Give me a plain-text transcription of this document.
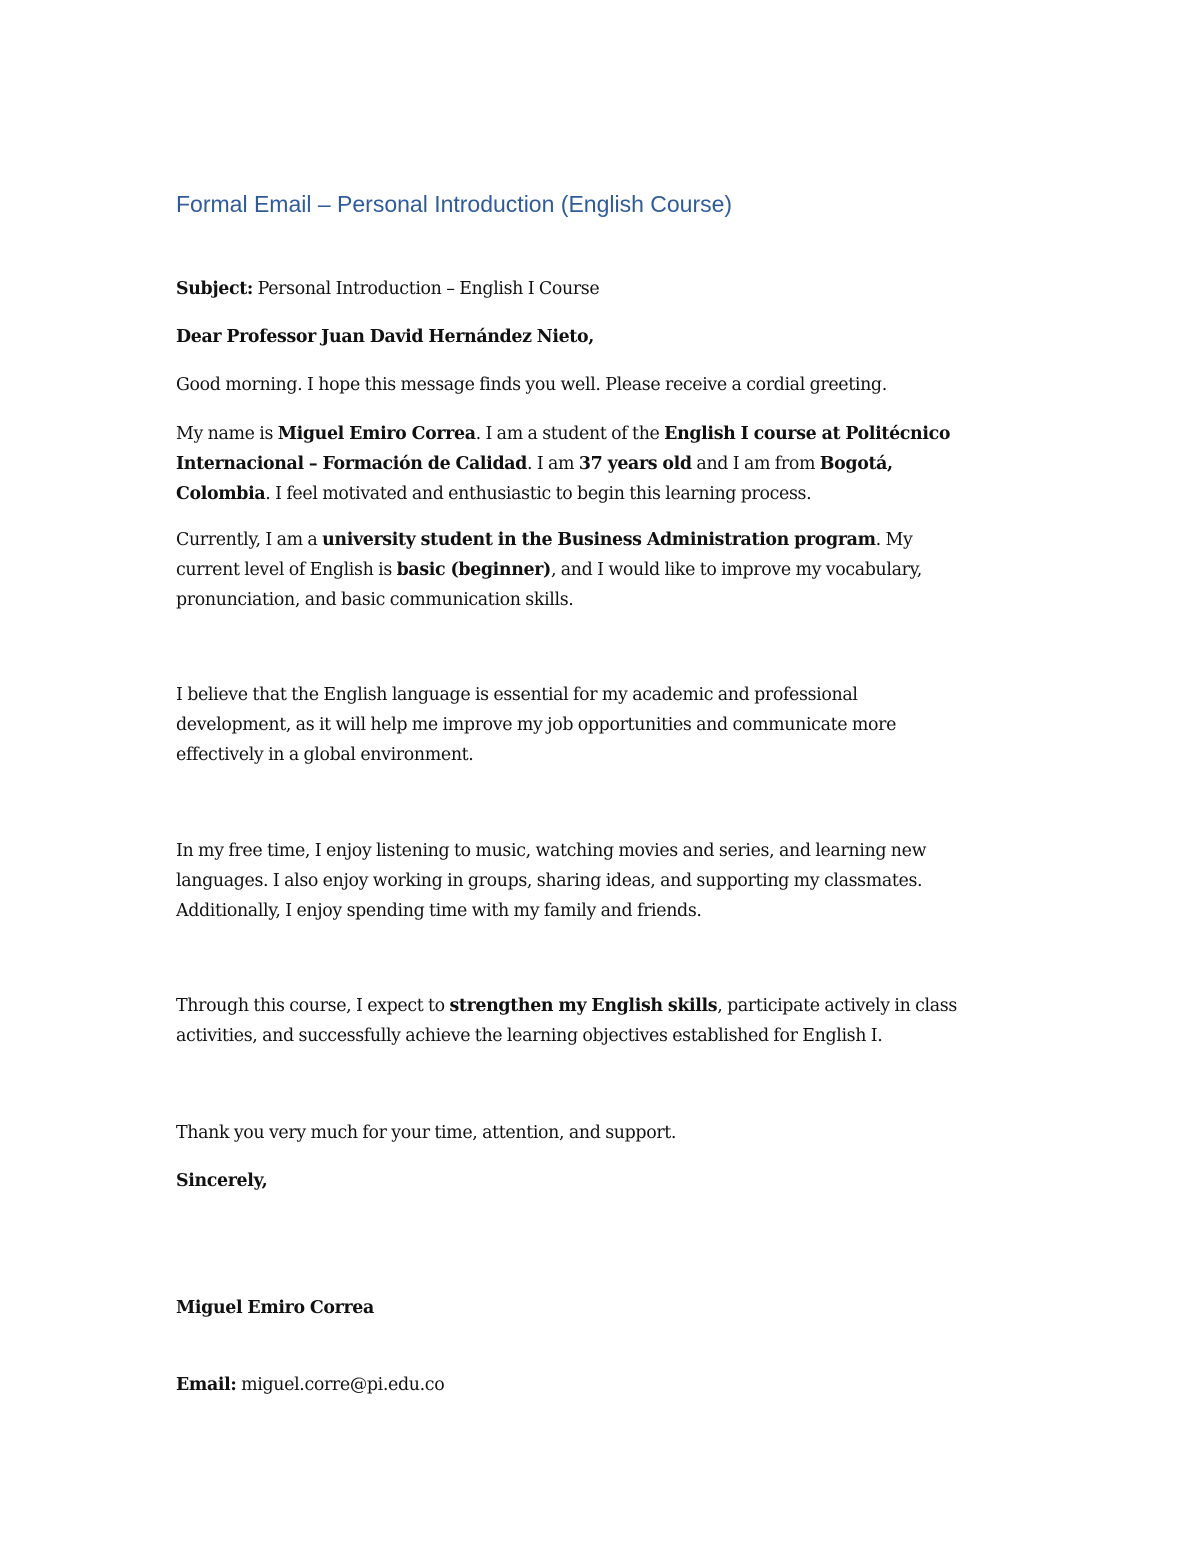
Formal Email – Personal Introduction (English Course)

Subject: Personal Introduction – English I Course

Dear Professor Juan David Hernández Nieto,

Good morning. I hope this message finds you well. Please receive a cordial greeting.

My name is Miguel Emiro Correa. I am a student of the English I course at Politécnico
Internacional – Formación de Calidad. I am 37 years old and I am from Bogotá,
Colombia. I feel motivated and enthusiastic to begin this learning process.

Currently, I am a university student in the Business Administration program. My
current level of English is basic (beginner), and I would like to improve my vocabulary,
pronunciation, and basic communication skills.

I believe that the English language is essential for my academic and professional
development, as it will help me improve my job opportunities and communicate more
effectively in a global environment.

In my free time, I enjoy listening to music, watching movies and series, and learning new
languages. I also enjoy working in groups, sharing ideas, and supporting my classmates.
Additionally, I enjoy spending time with my family and friends.

Through this course, I expect to strengthen my English skills, participate actively in class
activities, and successfully achieve the learning objectives established for English I.

Thank you very much for your time, attention, and support.

Sincerely,

Miguel Emiro Correa

Email: miguel.corre@pi.edu.co
